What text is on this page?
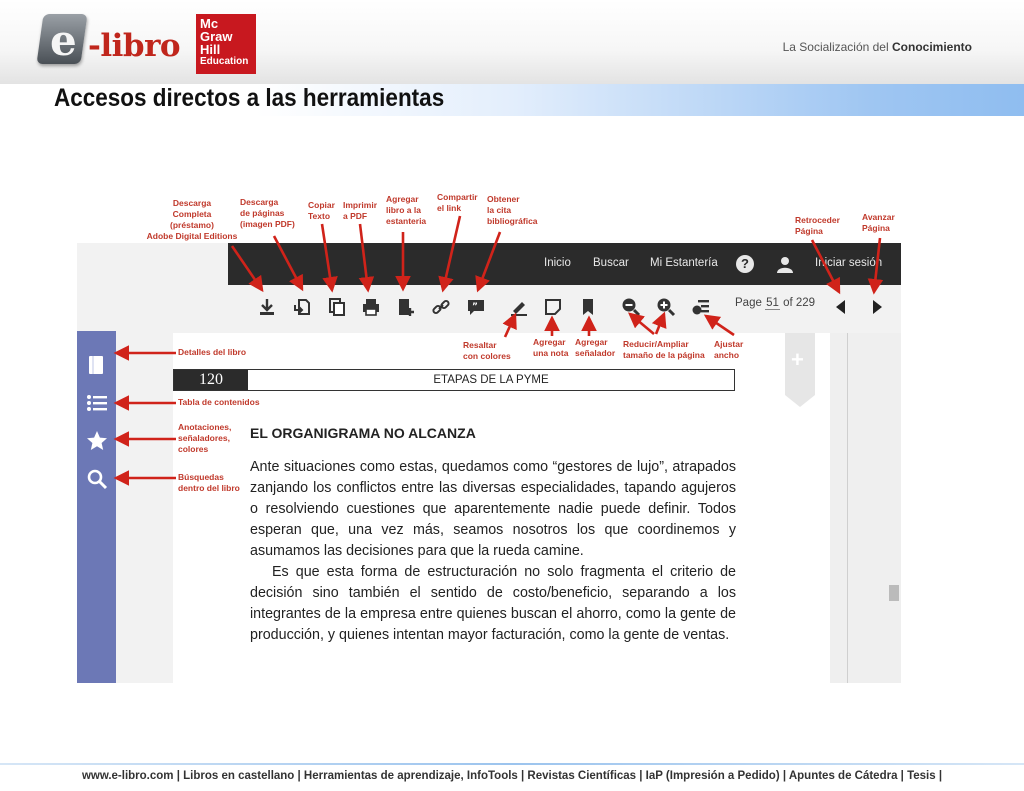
e -libro
Mc
Graw
Hill
Education
La Socialización del Conocimiento
Accesos directos a las herramientas
Inicio Buscar Mi Estantería	?	Iniciar sesión
”	Page 51 of 229
120	ETAPAS DE LA PYME
EL ORGANIGRAMA NO ALCANZA

Ante situaciones como estas, quedamos como “gestores de lujo”, atrapados zanjando los conflictos entre las diversas especialidades, tapando agujeros o resolviendo cuestiones que aparentemente nadie puede definir. Todos esperan que, una vez más, seamos nosotros los que coordinemos y asumamos las decisiones para que la rueda camine.

Es que esta forma de estructuración no solo fragmenta el criterio de decisión sino también el sentido de costo/beneficio, separando a los integrantes de la empresa entre quienes buscan el ahorro, como la gente de producción, y quienes intentan mayor facturación, como la gente de ventas.

+
Descarga
Completa
(préstamo)
Adobe Digital Editions
Descarga
de páginas
(imagen PDF)
Copiar
Texto
Imprimir
a PDF
Agregar
libro a la
estanteria
Compartir
el link
Obtener
la cita
bibliográfica	Retroceder
Página
Avanzar
Página
Resaltar
con colores
Agregar
una nota
Agregar
señalador
Reducir/Ampliar
tamaño de la página
Ajustar
ancho
Detalles del libro
Tabla de contenidos
Anotaciones,
señaladores,
colores
Búsquedas
dentro del libro
www.e-libro.com | Libros en castellano | Herramientas de aprendizaje, InfoTools | Revistas Científicas | IaP (Impresión a Pedido) | Apuntes de Cátedra | Tesis |
